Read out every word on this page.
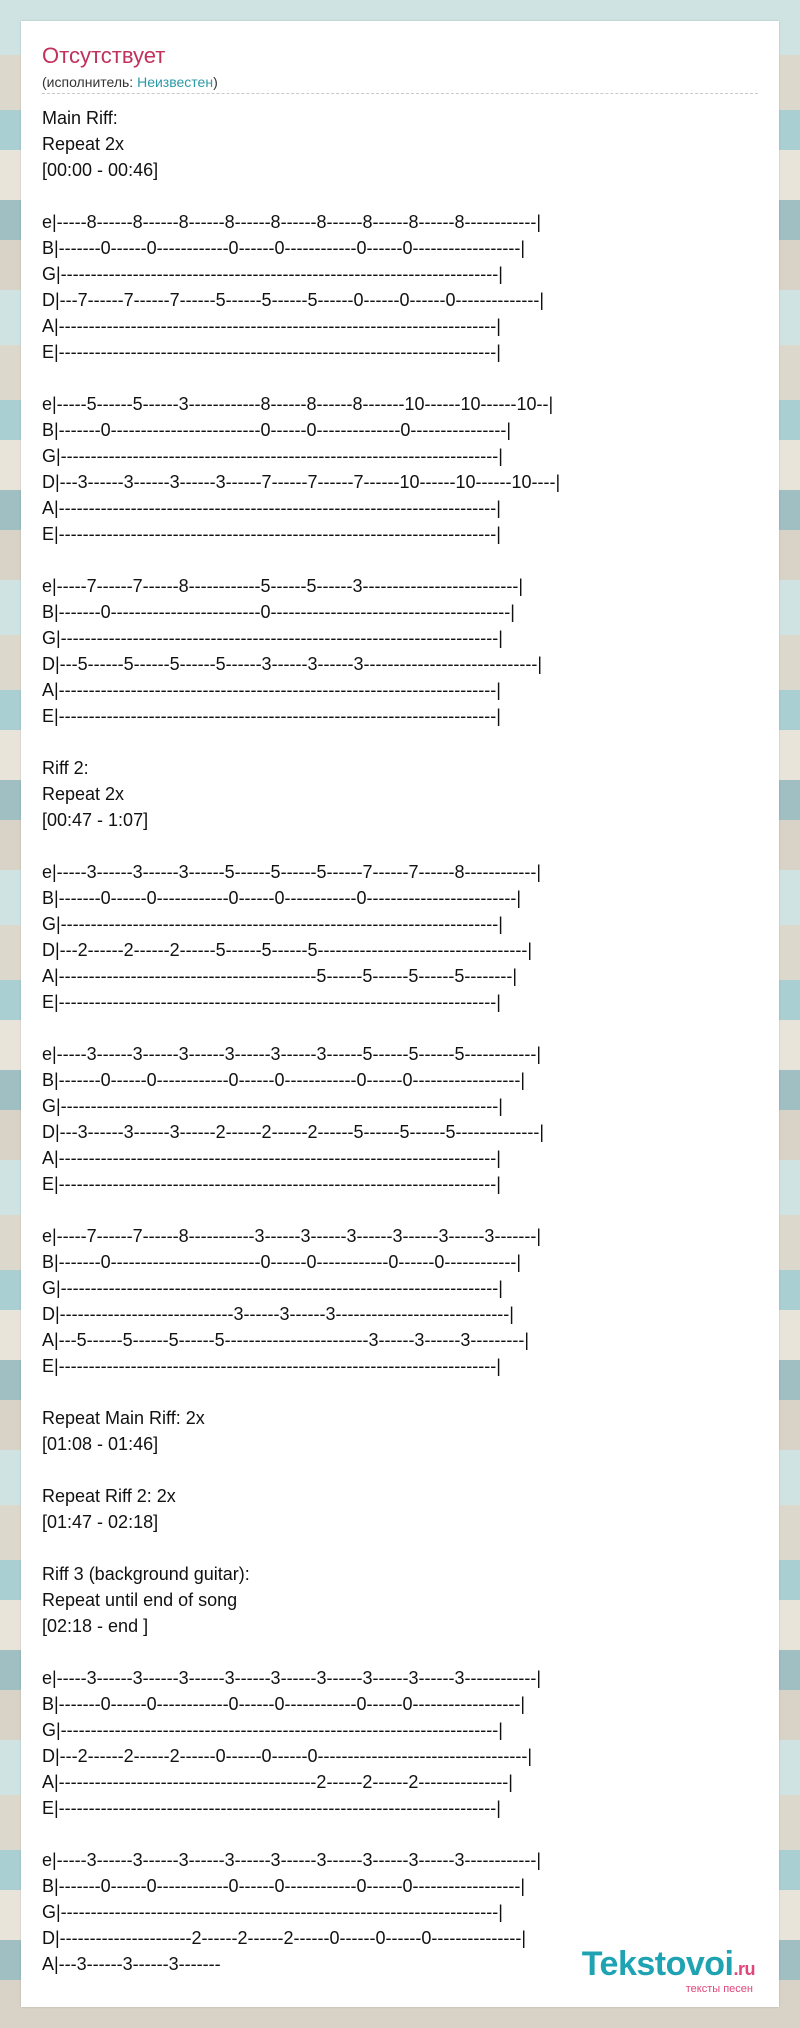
Отсутствует
(исполнитель: Неизвестен)
Main Riff:
Repeat 2x
[00:00 - 00:46]

e|-----8------8------8------8------8------8------8------8------8------------|
B|-------0------0------------0------0------------0------0------------------|
G|-------------------------------------------------------------------------|
D|---7------7------7------5------5------5------0------0------0--------------|
A|-------------------------------------------------------------------------|
E|-------------------------------------------------------------------------|

e|-----5------5------3------------8------8------8-------10------10------10--|
B|-------0-------------------------0------0--------------0----------------|
G|-------------------------------------------------------------------------|
D|---3------3------3------3------7------7------7------10------10------10----|
A|-------------------------------------------------------------------------|
E|-------------------------------------------------------------------------|

e|-----7------7------8------------5------5------3--------------------------|
B|-------0-------------------------0----------------------------------------|
G|-------------------------------------------------------------------------|
D|---5------5------5------5------3------3------3-----------------------------|
A|-------------------------------------------------------------------------|
E|-------------------------------------------------------------------------|

Riff 2:
Repeat 2x
[00:47 - 1:07]

e|-----3------3------3------5------5------5------7------7------8------------|
B|-------0------0------------0------0------------0-------------------------|
G|-------------------------------------------------------------------------|
D|---2------2------2------5------5------5-----------------------------------|
A|-------------------------------------------5------5------5------5--------|
E|-------------------------------------------------------------------------|

e|-----3------3------3------3------3------3------5------5------5------------|
B|-------0------0------------0------0------------0------0------------------|
G|-------------------------------------------------------------------------|
D|---3------3------3------2------2------2------5------5------5--------------|
A|-------------------------------------------------------------------------|
E|-------------------------------------------------------------------------|

e|-----7------7------8-----------3------3------3------3------3------3-------|
B|-------0-------------------------0------0------------0------0------------|
G|-------------------------------------------------------------------------|
D|-----------------------------3------3------3-----------------------------|
A|---5------5------5------5------------------------3------3------3---------|
E|-------------------------------------------------------------------------|

Repeat Main Riff: 2x
[01:08 - 01:46]

Repeat Riff 2: 2x
[01:47 - 02:18]

Riff 3 (background guitar):
Repeat until end of song
[02:18 - end ]

e|-----3------3------3------3------3------3------3------3------3------------|
B|-------0------0------------0------0------------0------0------------------|
G|-------------------------------------------------------------------------|
D|---2------2------2------0------0------0-----------------------------------|
A|-------------------------------------------2------2------2---------------|
E|-------------------------------------------------------------------------|

e|-----3------3------3------3------3------3------3------3------3------------|
B|-------0------0------------0------0------------0------0------------------|
G|-------------------------------------------------------------------------|
D|----------------------2------2------2------0------0------0---------------|
A|---3------3------3-------	Tekstovoi.ru
тексты песен
